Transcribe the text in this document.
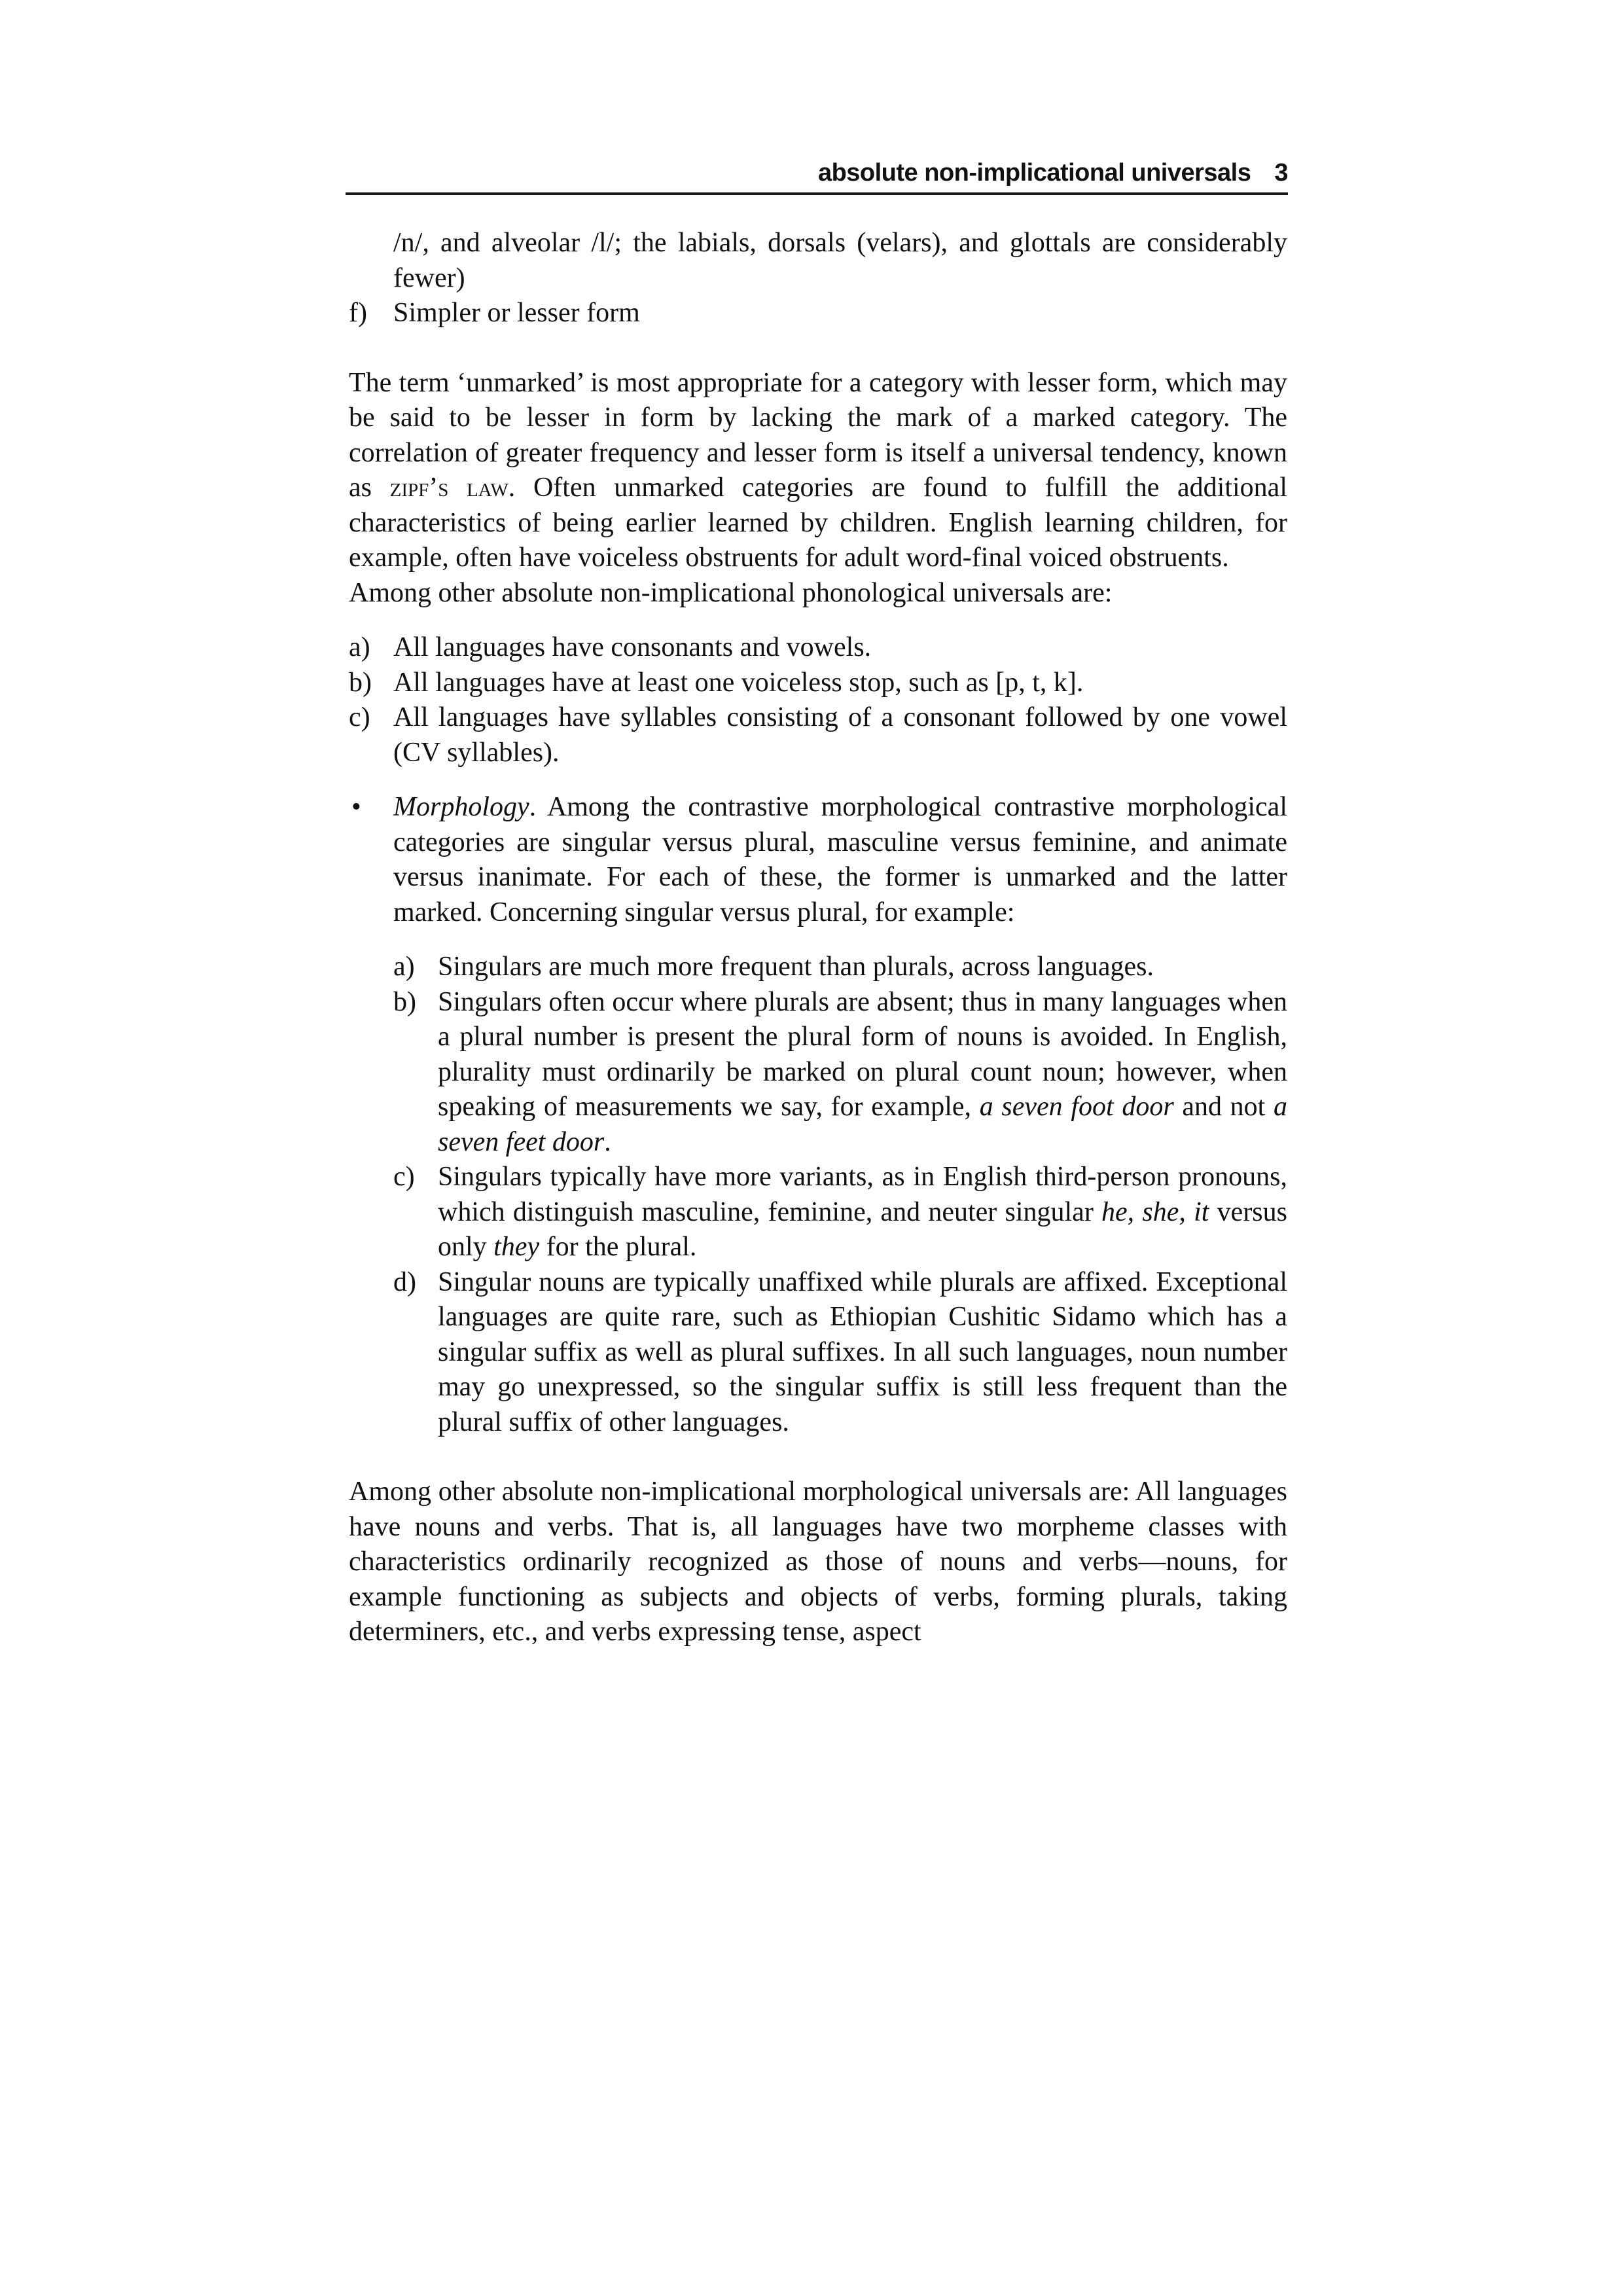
absolute non-implicational universals 3
/n/, and alveolar /l/; the labials, dorsals (velars), and glottals are considerably fewer)
f) Simpler or lesser form

The term ‘unmarked’ is most appropriate for a category with lesser form, which may be said to be lesser in form by lacking the mark of a marked category. The correlation of greater frequency and lesser form is itself a universal tendency, known as zipf’s law. Often unmarked categories are found to fulfill the additional characteristics of being earlier learned by children. English learning children, for example, often have voiceless obstruents for adult word-final voiced obstruents.

Among other absolute non-implicational phonological universals are:

a) All languages have consonants and vowels.
b) All languages have at least one voiceless stop, such as [p, t, k].
c) All languages have syllables consisting of a consonant followed by one vowel (CV syllables).
• Morphology. Among the contrastive morphological contrastive morphological categories are singular versus plural, masculine versus feminine, and animate versus inanimate. For each of these, the former is unmarked and the latter marked. Concerning singular versus plural, for example:
a) Singulars are much more frequent than plurals, across languages.
b) Singulars often occur where plurals are absent; thus in many languages when a plural number is present the plural form of nouns is avoided. In English, plurality must ordinarily be marked on plural count noun; however, when speaking of measurements we say, for example, a seven foot door and not a seven feet door.
c) Singulars typically have more variants, as in English third-person pronouns, which distinguish masculine, feminine, and neuter singular he, she, it versus only they for the plural.
d) Singular nouns are typically unaffixed while plurals are affixed. Exceptional languages are quite rare, such as Ethiopian Cushitic Sidamo which has a singular suffix as well as plural suffixes. In all such languages, noun number may go unexpressed, so the singular suffix is still less frequent than the plural suffix of other languages.

Among other absolute non-implicational morphological universals are: All languages have nouns and verbs. That is, all languages have two morpheme classes with characteristics ordinarily recognized as those of nouns and verbs—nouns, for example functioning as subjects and objects of verbs, forming plurals, taking determiners, etc., and verbs expressing tense, aspect
